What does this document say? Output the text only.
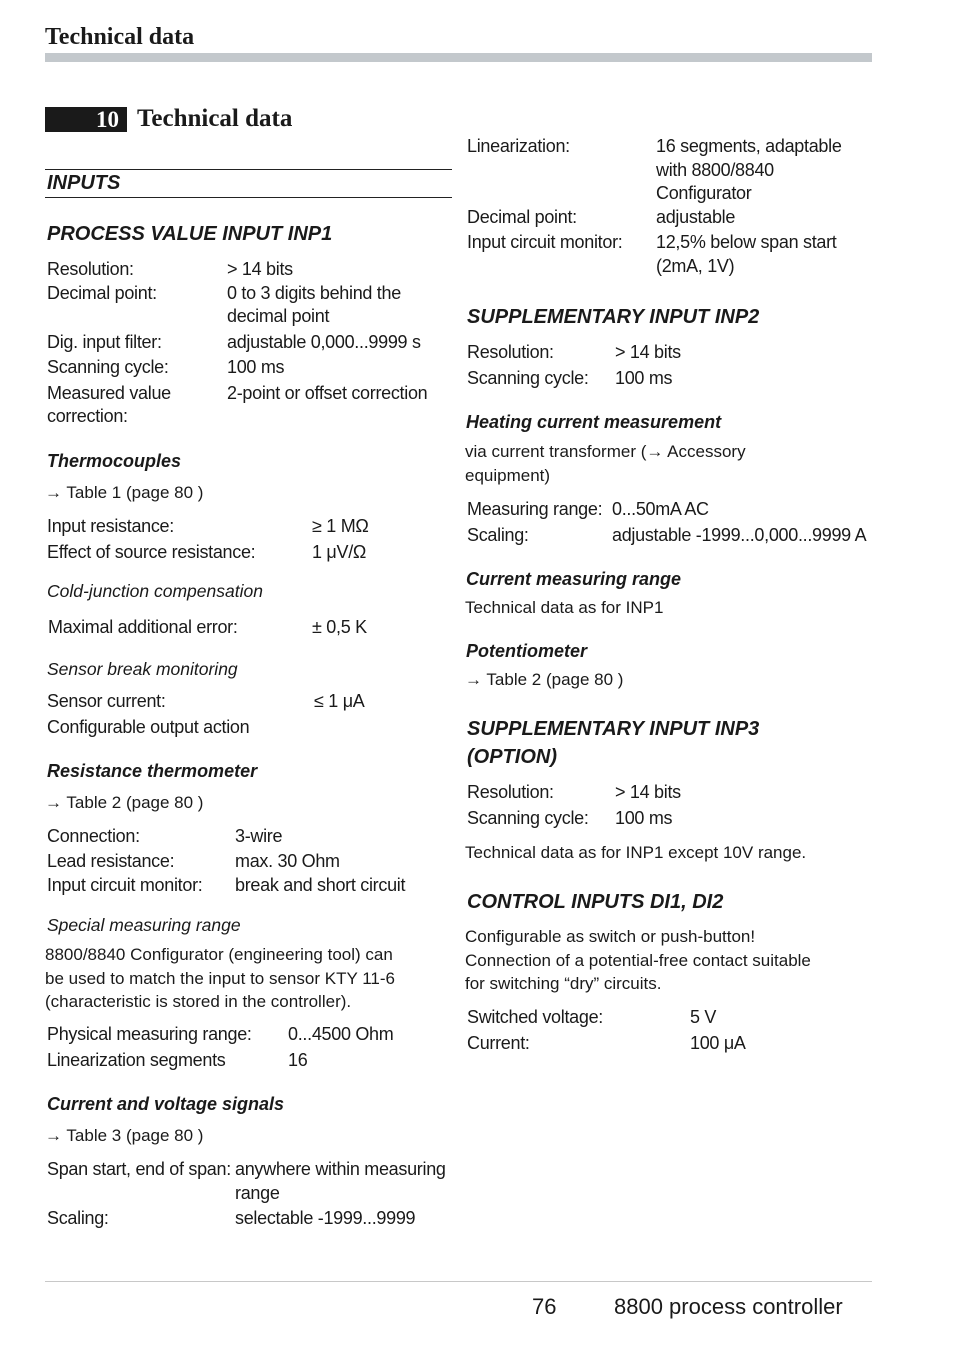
Technical data
10 Technical data
INPUTS
PROCESS VALUE INPUT INP1
Resolution:	> 14 bits
Decimal point:	0 to 3 digits behind the
decimal point
Dig. input filter:	adjustable 0,000...9999 s
Scanning cycle:	100 ms
Measured value	2-point or offset correction
correction:
Thermocouples
→ Table 1 (page 80 )
Input resistance:	≥ 1 MΩ
Effect of source resistance:	1 μV/Ω
Cold-junction compensation
Maximal additional error:	± 0,5 K
Sensor break monitoring
Sensor current:	≤ 1 μA
Configurable output action
Resistance thermometer
→ Table 2 (page 80 )
Connection:	3-wire
Lead resistance:	max. 30 Ohm
Input circuit monitor:	break and short circuit
Special measuring range
8800/8840 Configurator (engineering tool) can
be used to match the input to sensor KTY 11-6
(characteristic is stored in the controller).
Physical measuring range:	0...4500 Ohm
Linearization segments	16
Current and voltage signals
→ Table 3 (page 80 )
Span start, end of span: anywhere within measuring
range
Scaling:	selectable -1999...9999
Linearization:	16 segments, adaptable
with 8800/8840
Configurator
Decimal point:	adjustable
Input circuit monitor:	12,5% below span start
(2mA, 1V)
SUPPLEMENTARY INPUT INP2
Resolution:	> 14 bits
Scanning cycle:	100 ms
Heating current measurement
via current transformer (→ Accessory
equipment)
Measuring range: 0...50mA AC
Scaling:	adjustable -1999...0,000...9999 A
Current measuring range
Technical data as for INP1
Potentiometer
→ Table 2 (page 80 )
SUPPLEMENTARY INPUT INP3
(OPTION)
Resolution:	> 14 bits
Scanning cycle:	100 ms
Technical data as for INP1 except 10V range.
CONTROL INPUTS DI1, DI2
Configurable as switch or push-button!
Connection of a potential-free contact suitable
for switching “dry” circuits.
Switched voltage:	5 V
Current:	100 μA
76	8800 process controller
